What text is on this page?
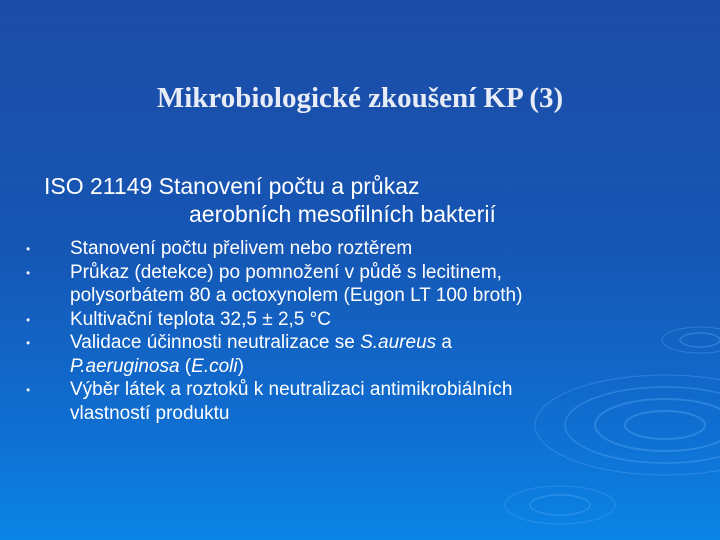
Mikrobiologické zkoušení KP (3)
ISO 21149 Stanovení počtu a průkaz
aerobních mesofilních bakterií
• Stanovení počtu přelivem nebo roztěrem
• Průkaz (detekce) po pomnožení v půdě s lecitinem,
polysorbátem 80 a octoxynolem (Eugon LT 100 broth)
• Kultivační teplota 32,5 ± 2,5 °C
• Validace účinnosti neutralizace se S.aureus a
P.aeruginosa (E.coli)
• Výběr látek a roztoků k neutralizaci antimikrobiálních
vlastností produktu
